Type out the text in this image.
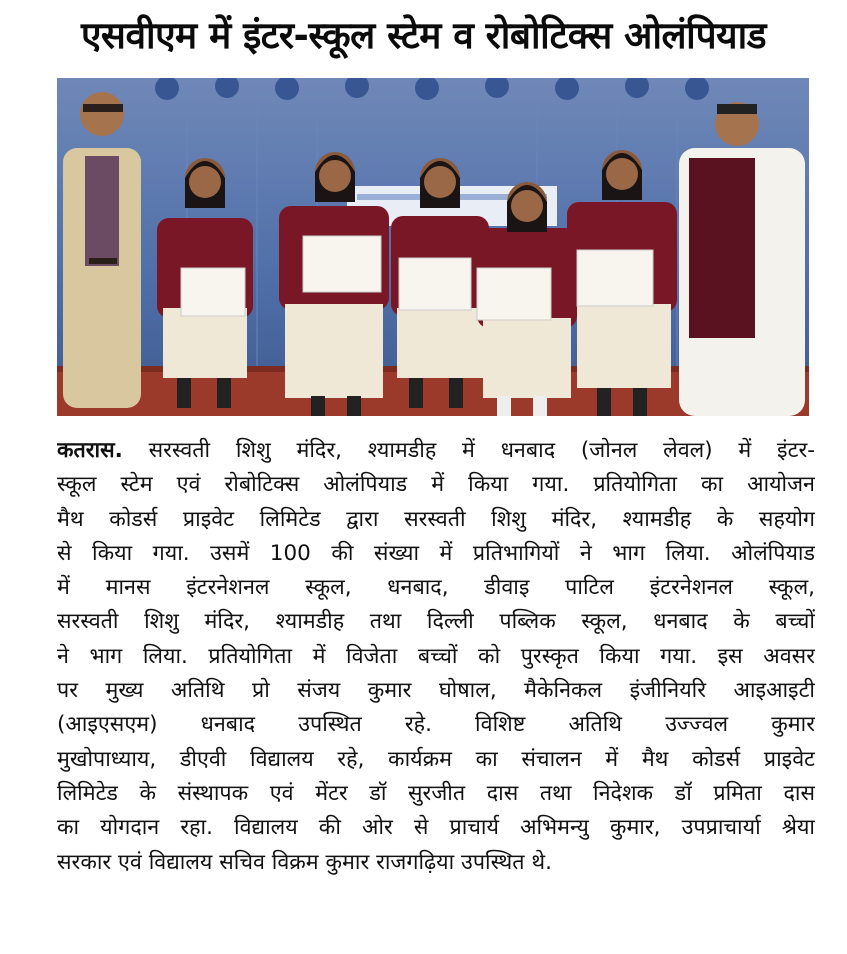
एसवीएम में इंटर-स्कूल स्टेम व रोबोटिक्स ओलंपियाड
कतरास. सरस्वती शिशु मंदिर, श्यामडीह में धनबाद (जोनल लेवल) में इंटर-
स्कूल स्टेम एवं रोबोटिक्स ओलंपियाड में किया गया. प्रतियोगिता का आयोजन
मैथ कोडर्स प्राइवेट लिमिटेड द्वारा सरस्वती शिशु मंदिर, श्यामडीह के सहयोग
से किया गया. उसमें 100 की संख्या में प्रतिभागियों ने भाग लिया. ओलंपियाड
में मानस इंटरनेशनल स्कूल, धनबाद, डीवाइ पाटिल इंटरनेशनल स्कूल,
सरस्वती शिशु मंदिर, श्यामडीह तथा दिल्ली पब्लिक स्कूल, धनबाद के बच्चों
ने भाग लिया. प्रतियोगिता में विजेता बच्चों को पुरस्कृत किया गया. इस अवसर
पर मुख्य अतिथि प्रो संजय कुमार घोषाल, मैकेनिकल इंजीनियरि आइआइटी
(आइएसएम) धनबाद उपस्थित रहे. विशिष्ट अतिथि उज्ज्वल कुमार
मुखोपाध्याय, डीएवी विद्यालय रहे, कार्यक्रम का संचालन में मैथ कोडर्स प्राइवेट
लिमिटेड के संस्थापक एवं मेंटर डॉ सुरजीत दास तथा निदेशक डॉ प्रमिता दास
का योगदान रहा. विद्यालय की ओर से प्राचार्य अभिमन्यु कुमार, उपप्राचार्या श्रेया
सरकार एवं विद्यालय सचिव विक्रम कुमार राजगढ़िया उपस्थित थे.
